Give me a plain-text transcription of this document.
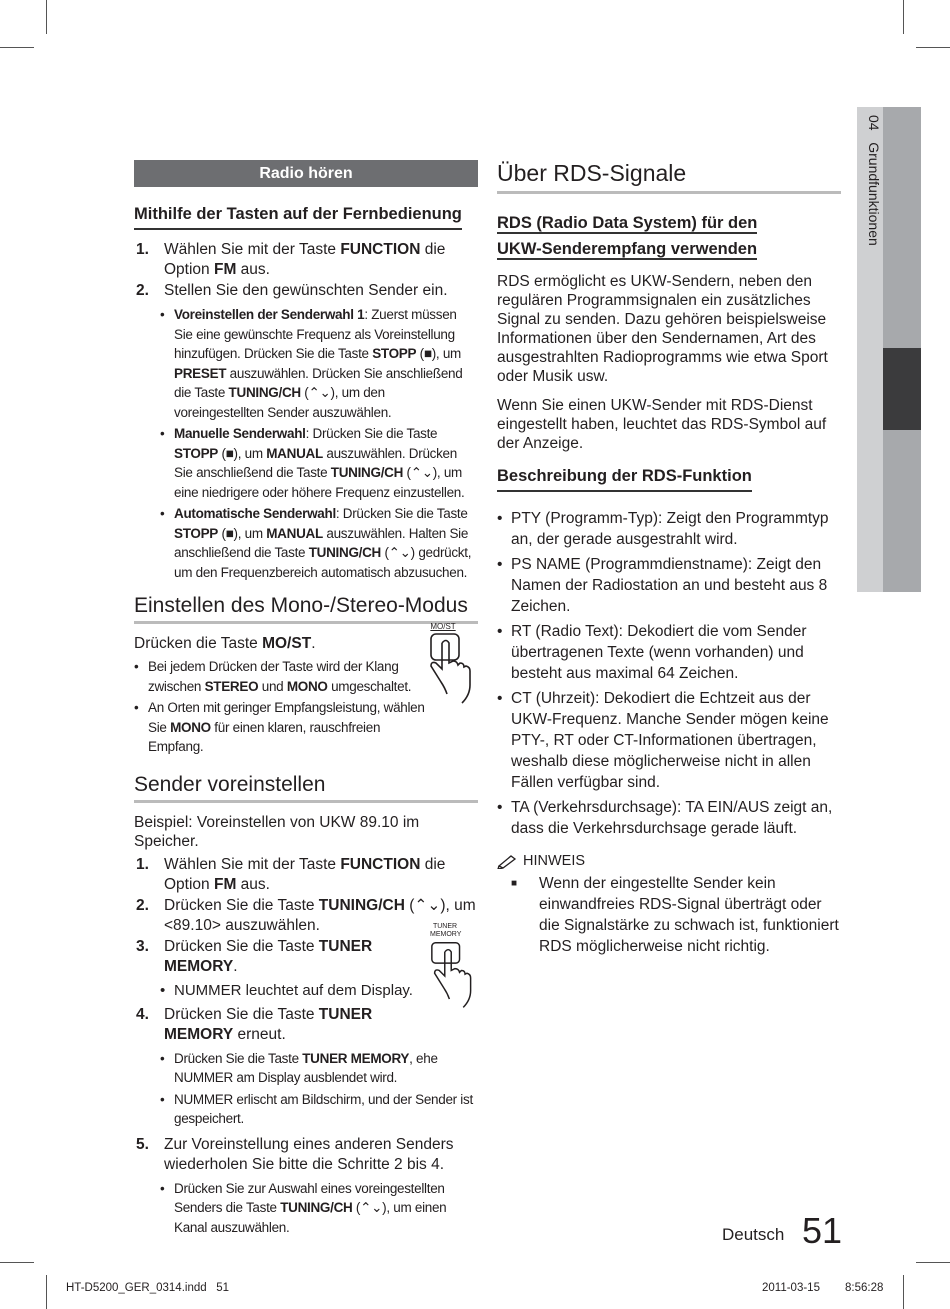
04   Grundfunktionen
Radio hören
Mithilfe der Tasten auf der Fernbedienung
1. Wählen Sie mit der Taste FUNCTION die Option FM aus.
2. Stellen Sie den gewünschten Sender ein.
• Voreinstellen der Senderwahl 1: Zuerst müssen Sie eine gewünschte Frequenz als Voreinstellung hinzufügen. Drücken Sie die Taste STOPP (■), um PRESET auszuwählen. Drücken Sie anschließend die Taste TUNING/CH (⌃⌄), um den voreingestellten Sender auszuwählen.
• Manuelle Senderwahl: Drücken Sie die Taste STOPP (■), um MANUAL auszuwählen. Drücken Sie anschließend die Taste TUNING/CH (⌃⌄), um eine niedrigere oder höhere Frequenz einzustellen.
• Automatische Senderwahl: Drücken Sie die Taste STOPP (■), um MANUAL auszuwählen. Halten Sie anschließend die Taste TUNING/CH (⌃⌄) gedrückt, um den Frequenzbereich automatisch abzusuchen.
Einstellen des Mono-/Stereo-Modus
Drücken die Taste MO/ST.
• Bei jedem Drücken der Taste wird der Klang zwischen STEREO und MONO umgeschaltet.
• An Orten mit geringer Empfangsleistung, wählen Sie MONO für einen klaren, rauschfreien Empfang.
MO/ST
Sender voreinstellen
Beispiel: Voreinstellen von UKW 89.10 im Speicher.
1. Wählen Sie mit der Taste FUNCTION die Option FM aus.
2. Drücken Sie die Taste TUNING/CH (⌃⌄), um <89.10> auszuwählen.
3. Drücken Sie die Taste TUNER MEMORY.
• NUMMER leuchtet auf dem Display.
4. Drücken Sie die Taste TUNER MEMORY erneut.
• Drücken Sie die Taste TUNER MEMORY, ehe NUMMER am Display ausblendet wird.
• NUMMER erlischt am Bildschirm, und der Sender ist gespeichert.
5. Zur Voreinstellung eines anderen Senders wiederholen Sie bitte die Schritte 2 bis 4.
• Drücken Sie zur Auswahl eines voreingestellten Senders die Taste TUNING/CH (⌃⌄), um einen Kanal auszuwählen.
TUNER
MEMORY
Über RDS-Signale
RDS (Radio Data System) für den
UKW-Senderempfang verwenden
RDS ermöglicht es UKW-Sendern, neben den regulären Programmsignalen ein zusätzliches Signal zu senden. Dazu gehören beispielsweise Informationen über den Sendernamen, Art des ausgestrahlten Radioprogramms wie etwa Sport oder Musik usw.
Wenn Sie einen UKW-Sender mit RDS-Dienst eingestellt haben, leuchtet das RDS-Symbol auf der Anzeige.
Beschreibung der RDS-Funktion
• PTY (Programm-Typ): Zeigt den Programmtyp an, der gerade ausgestrahlt wird.
• PS NAME (Programmdienstname): Zeigt den Namen der Radiostation an und besteht aus 8 Zeichen.
• RT (Radio Text): Dekodiert die vom Sender übertragenen Texte (wenn vorhanden) und besteht aus maximal 64 Zeichen.
• CT (Uhrzeit): Dekodiert die Echtzeit aus der UKW-Frequenz. Manche Sender mögen keine PTY-, RT oder CT-Informationen übertragen, weshalb diese möglicherweise nicht in allen Fällen verfügbar sind.
• TA (Verkehrsdurchsage): TA EIN/AUS zeigt an, dass die Verkehrsdurchsage gerade läuft.
HINWEIS
■	Wenn der eingestellte Sender kein einwandfreies RDS-Signal überträgt oder die Signalstärke zu schwach ist, funktioniert RDS möglicherweise nicht richtig.
Deutsch 51
HT-D5200_GER_0314.indd   51	2011-03-15 8:56:28
